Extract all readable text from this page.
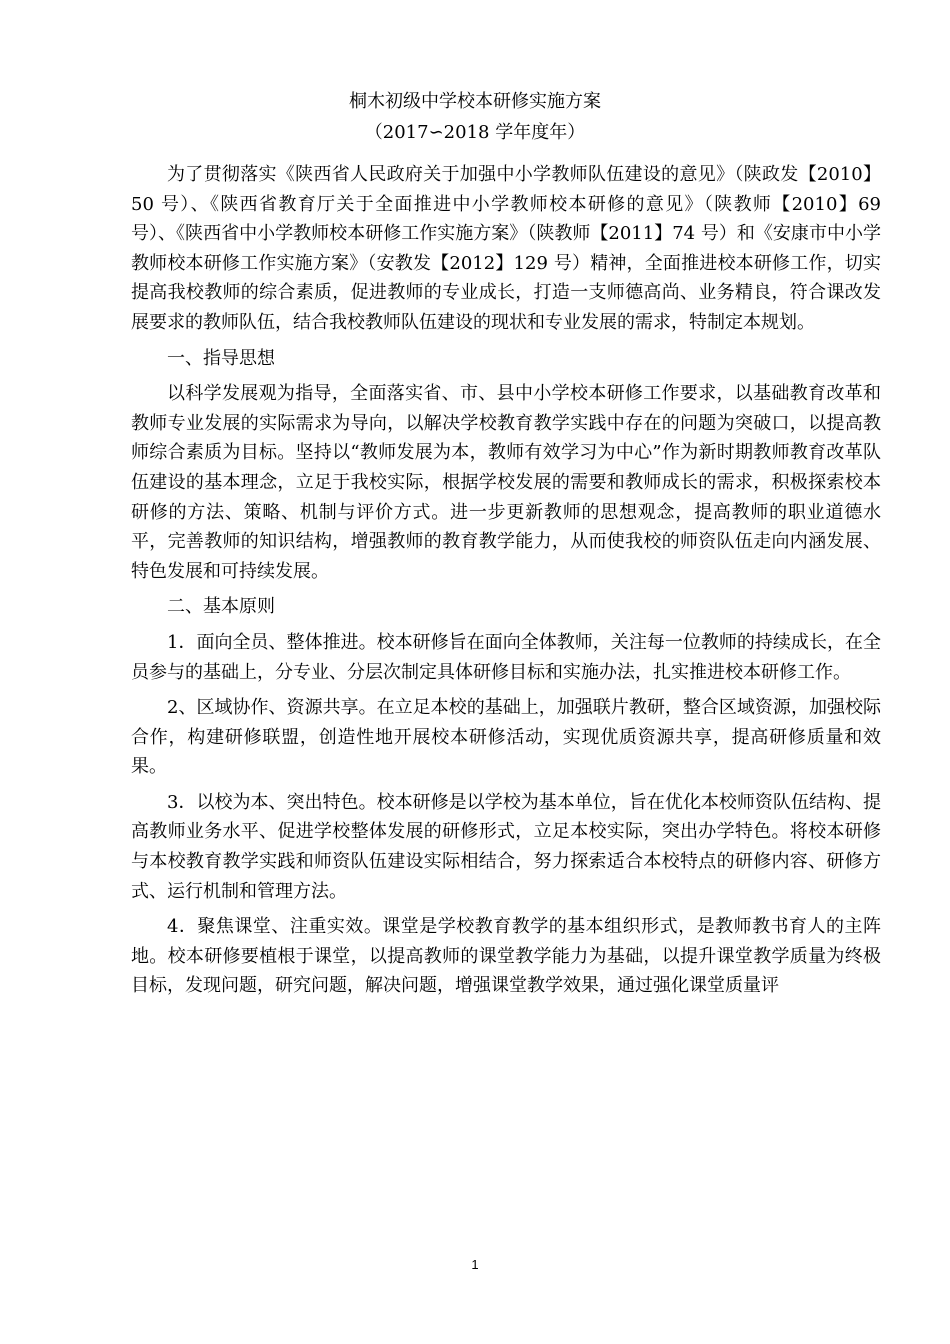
桐木初级中学校本研修实施方案
（2017∽2018 学年度年）

为了贯彻落实《陕西省人民政府关于加强中小学教师队伍建设的意见》（陕政发【2010】50 号）、《陕西省教育厅关于全面推进中小学教师校本研修的意见》（陕教师【2010】69 号）、《陕西省中小学教师校本研修工作实施方案》（陕教师【2011】74 号）和《安康市中小学教师校本研修工作实施方案》（安教发【2012】129 号）精神，全面推进校本研修工作，切实提高我校教师的综合素质，促进教师的专业成长，打造一支师德高尚、业务精良，符合课改发展要求的教师队伍，结合我校教师队伍建设的现状和专业发展的需求，特制定本规划。

一、指导思想

以科学发展观为指导，全面落实省、市、县中小学校本研修工作要求，以基础教育改革和教师专业发展的实际需求为导向，以解决学校教育教学实践中存在的问题为突破口，以提高教师综合素质为目标。坚持以“教师发展为本，教师有效学习为中心”作为新时期教师教育改革队伍建设的基本理念，立足于我校实际，根据学校发展的需要和教师成长的需求，积极探索校本研修的方法、策略、机制与评价方式。进一步更新教师的思想观念，提高教师的职业道德水平，完善教师的知识结构，增强教师的教育教学能力，从而使我校的师资队伍走向内涵发展、特色发展和可持续发展。

二、基本原则

1．面向全员、整体推进。校本研修旨在面向全体教师，关注每一位教师的持续成长，在全员参与的基础上，分专业、分层次制定具体研修目标和实施办法，扎实推进校本研修工作。

2、区域协作、资源共享。在立足本校的基础上，加强联片教研，整合区域资源，加强校际合作，构建研修联盟，创造性地开展校本研修活动，实现优质资源共享，提高研修质量和效果。

3．以校为本、突出特色。校本研修是以学校为基本单位，旨在优化本校师资队伍结构、提高教师业务水平、促进学校整体发展的研修形式，立足本校实际，突出办学特色。将校本研修与本校教育教学实践和师资队伍建设实际相结合，努力探索适合本校特点的研修内容、研修方式、运行机制和管理方法。

4．聚焦课堂、注重实效。课堂是学校教育教学的基本组织形式，是教师教书育人的主阵地。校本研修要植根于课堂，以提高教师的课堂教学能力为基础，以提升课堂教学质量为终极目标，发现问题，研究问题，解决问题，增强课堂教学效果，通过强化课堂质量评

1
